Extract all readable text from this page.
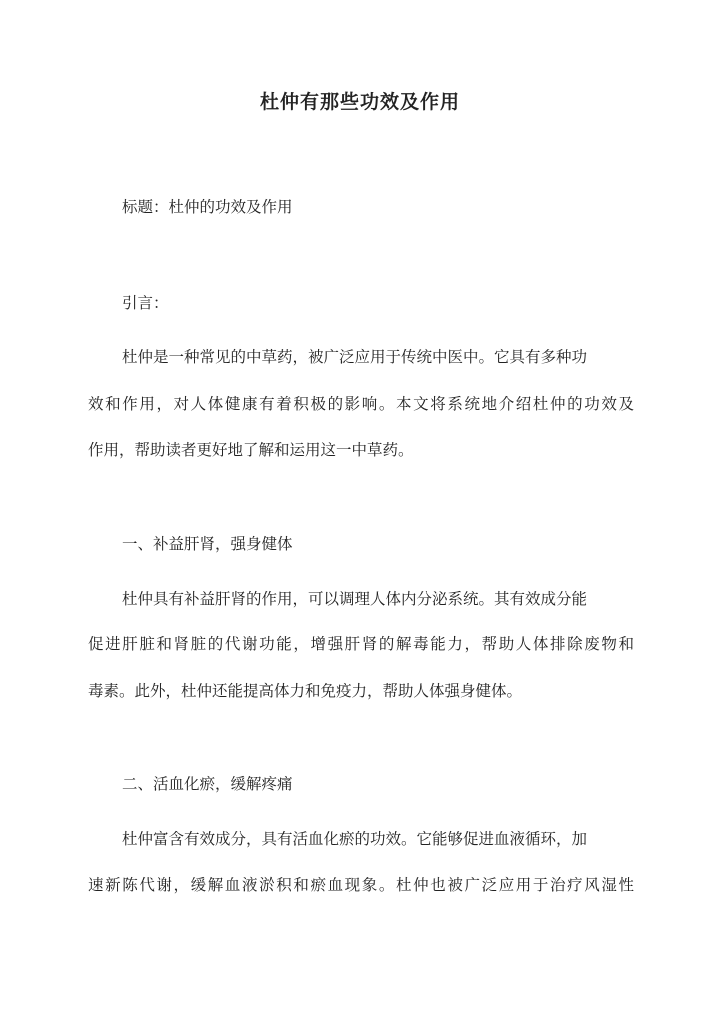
杜仲有那些功效及作用

标题：杜仲的功效及作用

引言：

杜仲是一种常见的中草药，被广泛应用于传统中医中。它具有多种功

效和作用，对人体健康有着积极的影响。本文将系统地介绍杜仲的功效及

作用，帮助读者更好地了解和运用这一中草药。

一、补益肝肾，强身健体

杜仲具有补益肝肾的作用，可以调理人体内分泌系统。其有效成分能

促进肝脏和肾脏的代谢功能，增强肝肾的解毒能力，帮助人体排除废物和

毒素。此外，杜仲还能提高体力和免疫力，帮助人体强身健体。

二、活血化瘀，缓解疼痛

杜仲富含有效成分，具有活血化瘀的功效。它能够促进血液循环，加

速新陈代谢，缓解血液淤积和瘀血现象。杜仲也被广泛应用于治疗风湿性
